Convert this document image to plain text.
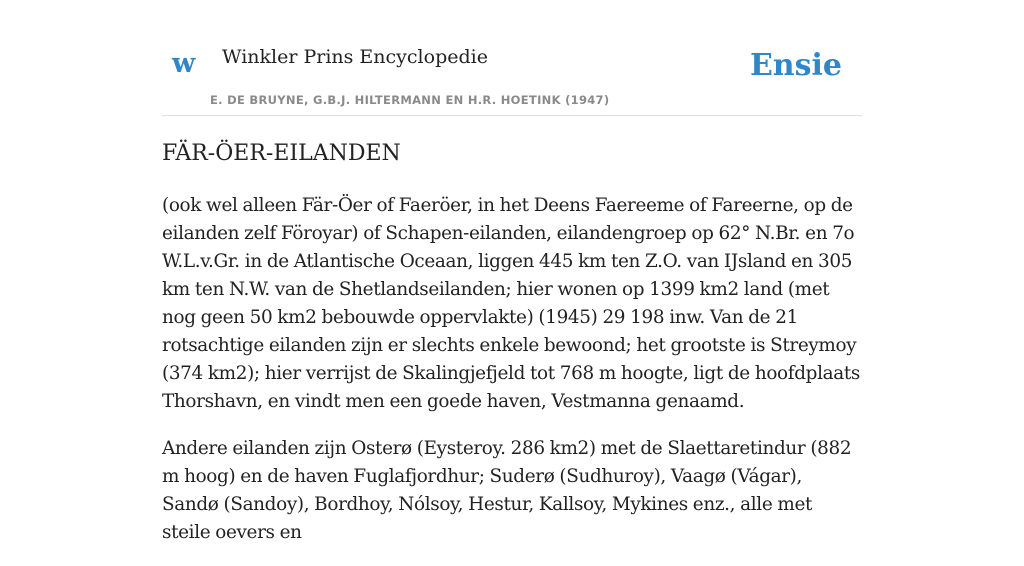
w Winkler Prins Encyclopedie
E. DE BRUYNE, G.B.J. HILTERMANN EN H.R. HOETINK (1947)
Ensie
FÄR-ÖER-EILANDEN

(ook wel alleen Fär-Öer of Faeröer, in het Deens Faereeme of Fareerne, op de eilanden zelf Föroyar) of Schapen-eilanden, eilandengroep op 62° N.Br. en 7o W.L.v.Gr. in de Atlantische Oceaan, liggen 445 km ten Z.O. van IJsland en 305 km ten N.W. van de Shetlandseilanden; hier wonen op 1399 km2 land (met nog geen 50 km2 bebouwde oppervlakte) (1945) 29 198 inw. Van de 21 rotsachtige eilanden zijn er slechts enkele bewoond; het grootste is Streymoy (374 km2); hier verrijst de Skalingjefjeld tot 768 m hoogte, ligt de hoofdplaats Thorshavn, en vindt men een goede haven, Vestmanna genaamd.

Andere eilanden zijn Osterø (Eysteroy. 286 km2) met de Slaettaretindur (882 m hoog) en de haven Fuglafjordhur; Suderø (Sudhuroy), Vaagø (Vágar), Sandø (Sandoy), Bordhoy, Nólsoy, Hestur, Kallsoy, Mykines enz., alle met steile oevers en
